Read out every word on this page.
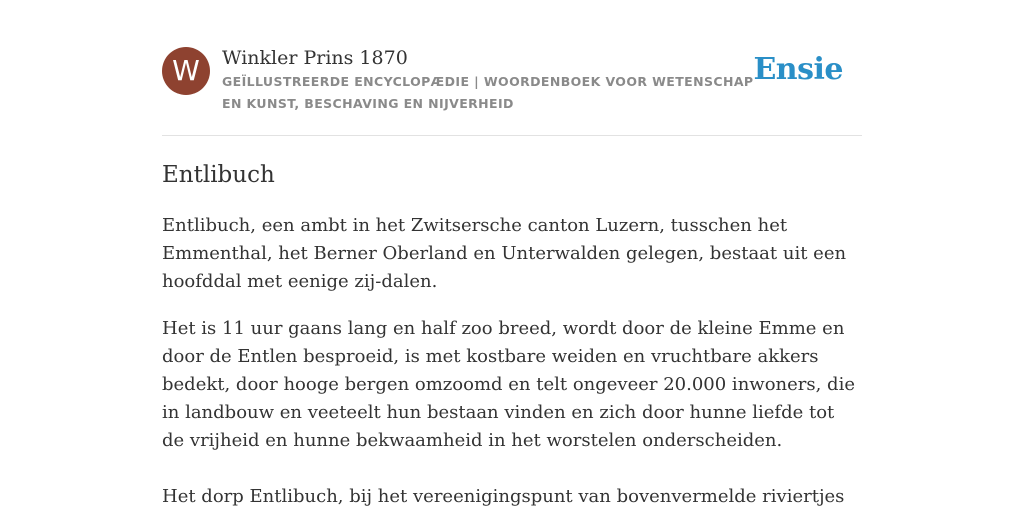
W	Winkler Prins 1870
GEÏLLUSTREERDE ENCYCLOPÆDIE | WOORDENBOEK VOOR WETENSCHAP EN KUNST, BESCHAVING EN NIJVERHEID
Ensie
Entlibuch

Entlibuch, een ambt in het Zwitsersche canton Luzern, tusschen het Emmenthal, het Berner Oberland en Unterwalden gelegen, bestaat uit een hoofddal met eenige zij-dalen.

Het is 11 uur gaans lang en half zoo breed, wordt door de kleine Emme en door de Entlen besproeid, is met kostbare weiden en vruchtbare akkers bedekt, door hooge bergen omzoomd en telt ongeveer 20.000 inwoners, die in landbouw en veeteelt hun bestaan vinden en zich door hunne liefde tot de vrijheid en hunne bekwaamheid in het worstelen onderscheiden.

Het dorp Entlibuch, bij het vereenigingspunt van bovenvermelde riviertjes
